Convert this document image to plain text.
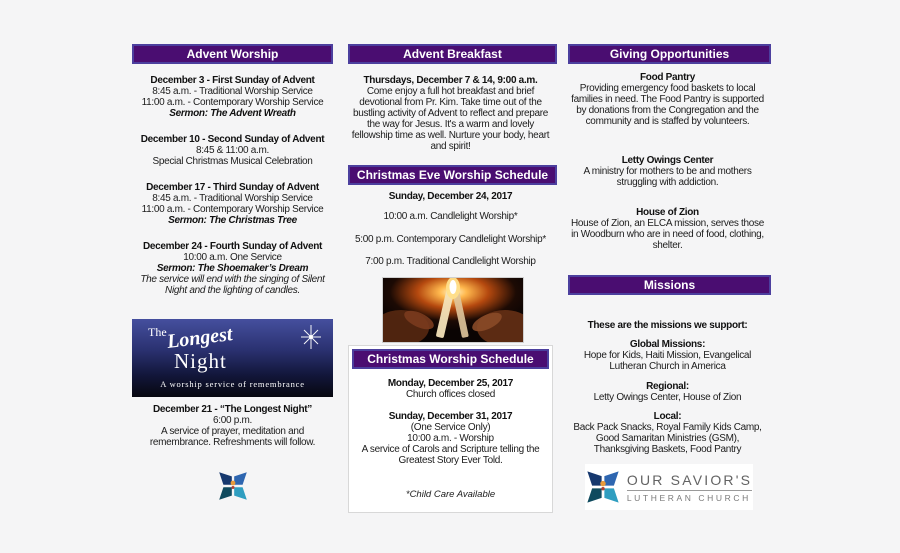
Advent Worship
December 3 - First Sunday of Advent
8:45 a.m. - Traditional Worship Service
11:00 a.m. - Contemporary Worship Service
Sermon: The Advent Wreath
December 10 - Second Sunday of Advent
8:45 & 11:00 a.m.
Special Christmas Musical Celebration
December 17 - Third Sunday of Advent
8:45 a.m. - Traditional Worship Service
11:00 a.m. - Contemporary Worship Service
Sermon: The Christmas Tree
December 24 - Fourth Sunday of Advent
10:00 a.m. One Service
Sermon: The Shoemaker’s Dream
The service will end with the singing of Silent Night and the lighting of candles.
The Longest
Night
A worship service of remembrance
December 21 - “The Longest Night”
6:00 p.m.
A service of prayer, meditation and remembrance. Refreshments will follow.
Advent Breakfast
Thursdays, December 7 & 14, 9:00 a.m.
Come enjoy a full hot breakfast and brief devotional from Pr. Kim. Take time out of the bustling activity of Advent to reflect and prepare the way for Jesus. It's a warm and lovely fellowship time as well. Nurture your body, heart and spirit!
Christmas Eve Worship Schedule
Sunday, December 24, 2017
10:00 a.m. Candlelight Worship*
5:00 p.m. Contemporary Candlelight Worship*
7:00 p.m. Traditional Candlelight Worship
Christmas Worship Schedule
Monday, December 25, 2017
Church offices closed
Sunday, December 31, 2017
(One Service Only)
10:00 a.m. - Worship
A service of Carols and Scripture telling the Greatest Story Ever Told.
*Child Care Available
Giving Opportunities
Food Pantry
Providing emergency food baskets to local families in need. The Food Pantry is supported by donations from the Congregation and the community and is staffed by volunteers.
Letty Owings Center
A ministry for mothers to be and mothers struggling with addiction.
House of Zion
House of Zion, an ELCA mission, serves those in Woodburn who are in need of food, clothing, shelter.
Missions
These are the missions we support:
Global Missions:
Hope for Kids, Haiti Mission, Evangelical Lutheran Church in America
Regional:
Letty Owings Center, House of Zion
Local:
Back Pack Snacks, Royal Family Kids Camp, Good Samaritan Ministries (GSM), Thanksgiving Baskets, Food Pantry
OUR SAVIOR'S
LUTHERAN CHURCH
